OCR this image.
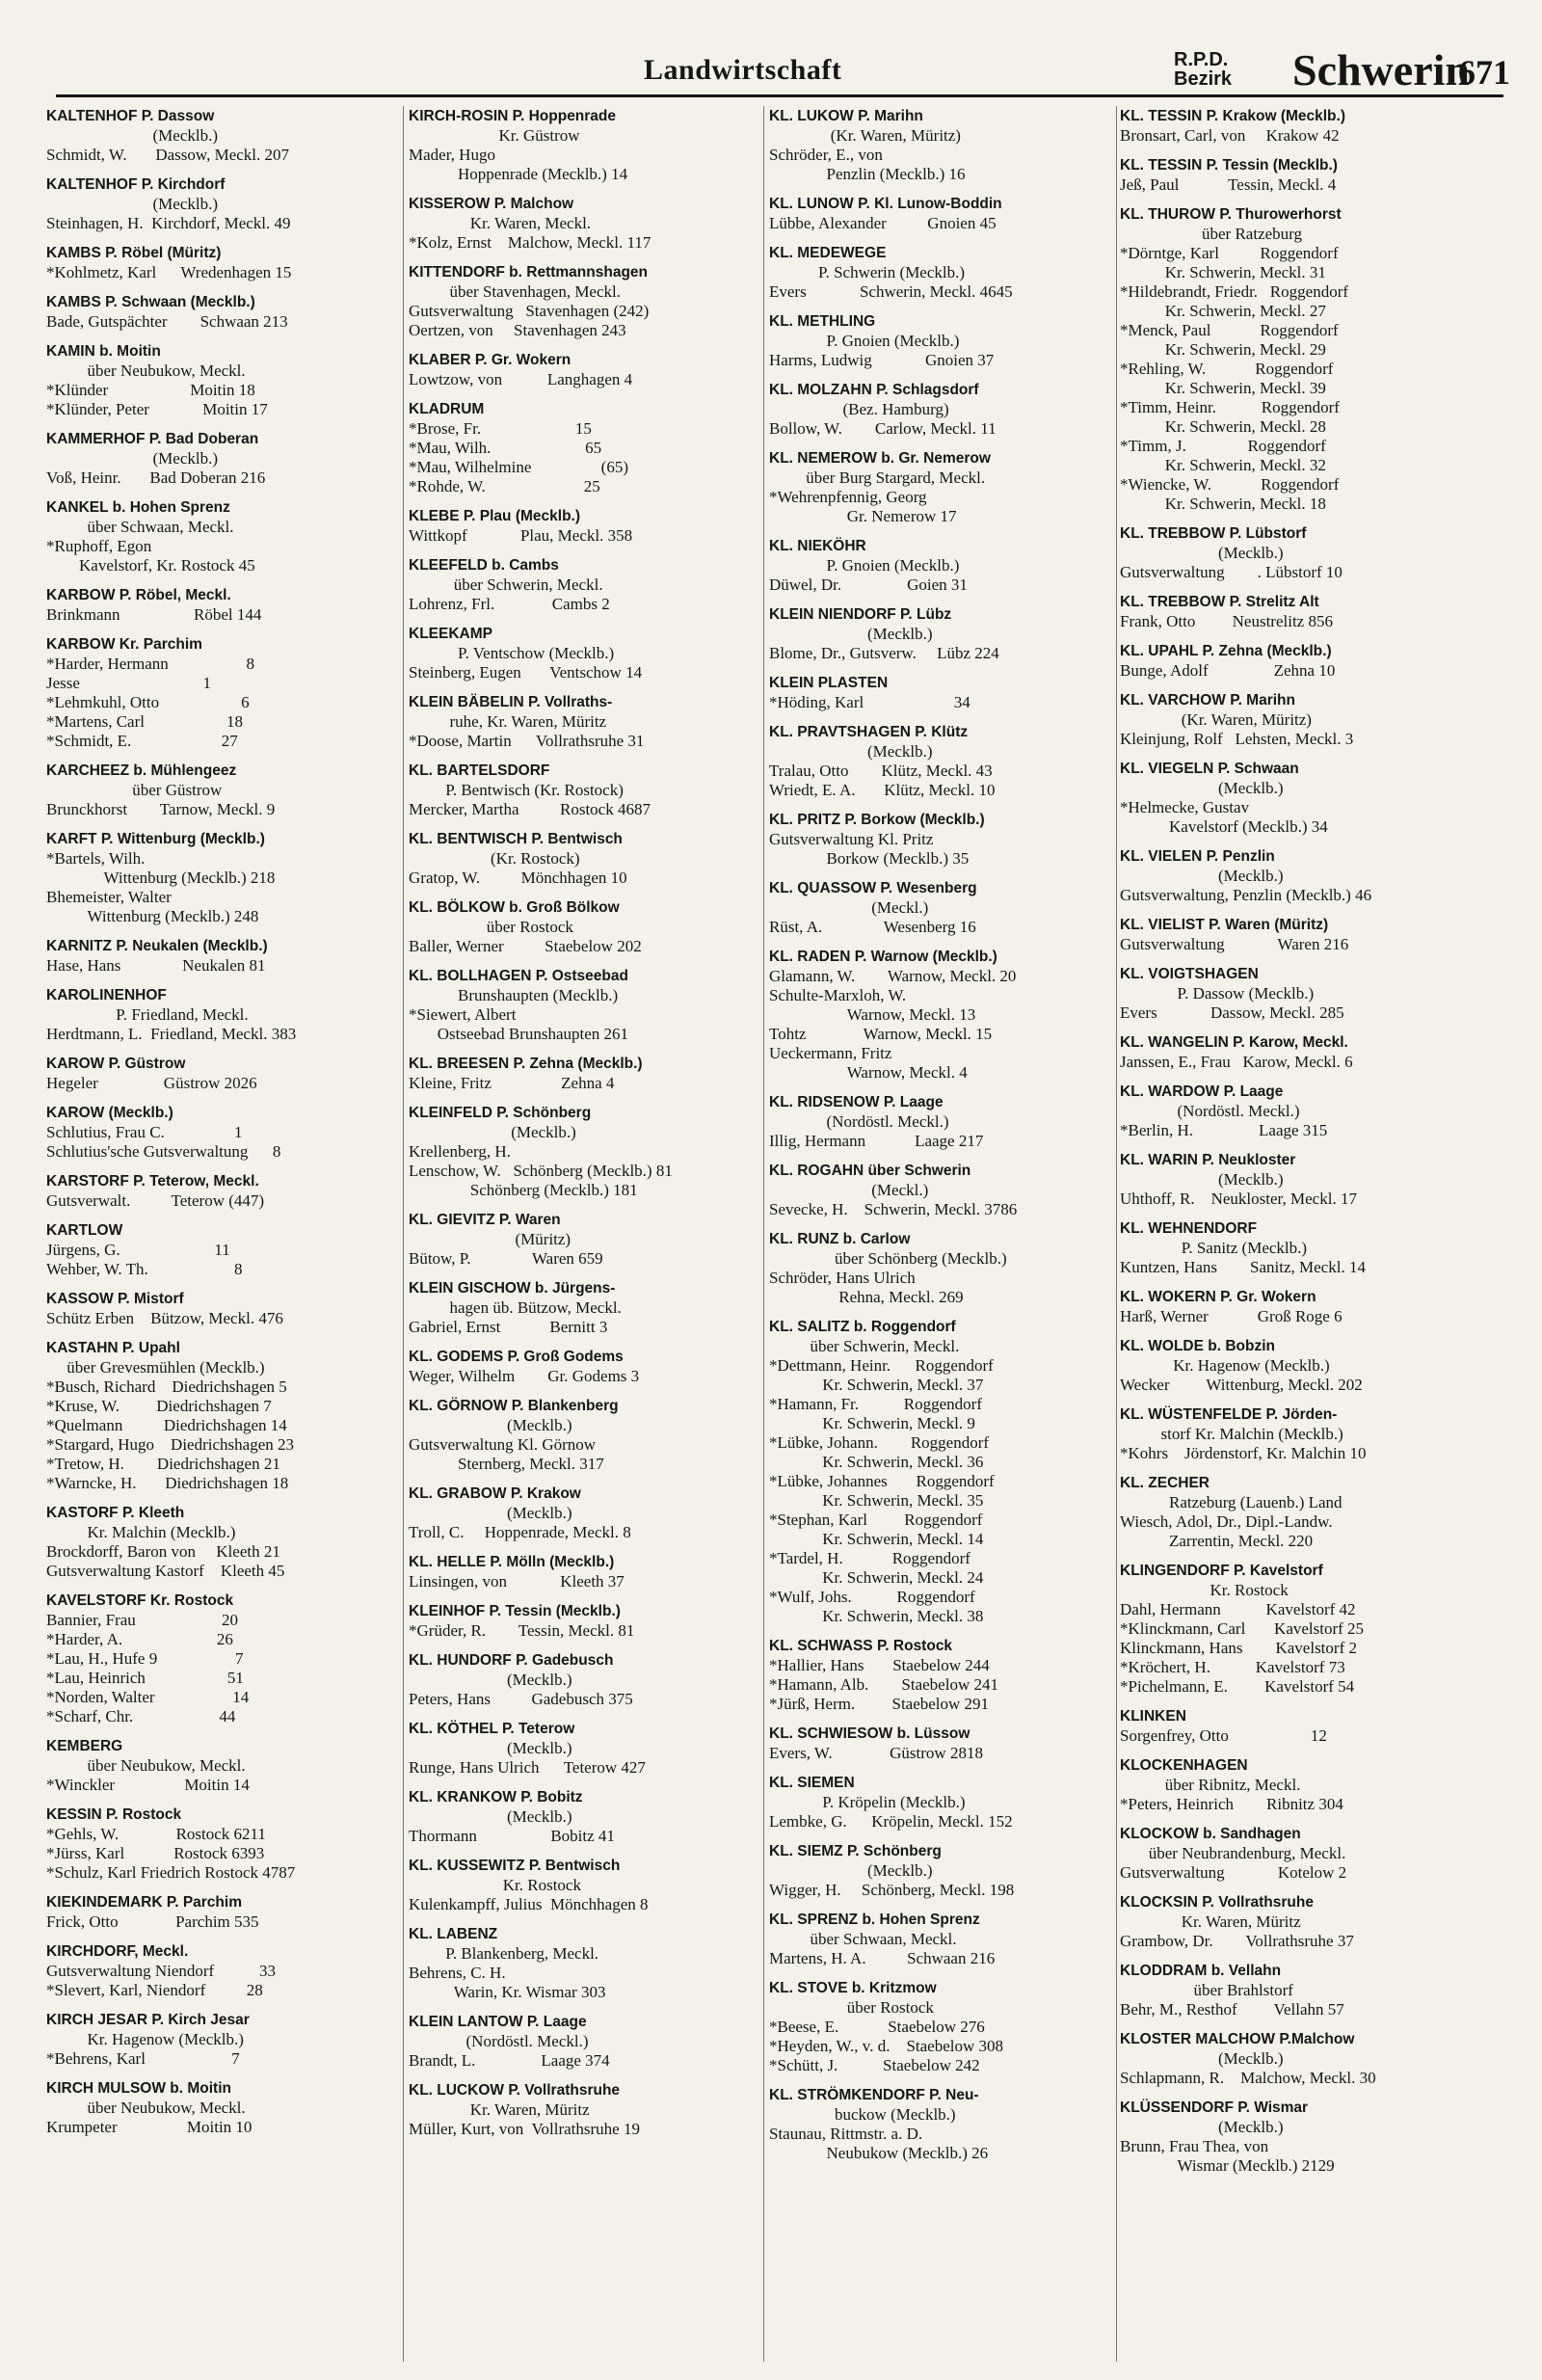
Landwirtschaft	R.P.D.
Bezirk Schwerin
671
KALTENHOF P. Dassow
(Mecklb.)
Schmidt, W.       Dassow, Meckl. 207
KALTENHOF P. Kirchdorf
(Mecklb.)
Steinhagen, H.  Kirchdorf, Meckl. 49
KAMBS P. Röbel (Müritz)
*Kohlmetz, Karl      Wredenhagen 15
KAMBS P. Schwaan (Mecklb.)
Bade, Gutspächter        Schwaan 213
KAMIN b. Moitin
über Neubukow, Meckl.
*Klünder                    Moitin 18
*Klünder, Peter             Moitin 17
KAMMERHOF P. Bad Doberan
(Mecklb.)
Voß, Heinr.       Bad Doberan 216
KANKEL b. Hohen Sprenz
über Schwaan, Meckl.
*Ruphoff, Egon
Kavelstorf, Kr. Rostock 45
KARBOW P. Röbel, Meckl.
Brinkmann                  Röbel 144
KARBOW Kr. Parchim
*Harder, Hermann                   8
Jesse                              1
*Lehmkuhl, Otto                    6
*Martens, Carl                    18
*Schmidt, E.                      27
KARCHEEZ b. Mühlengeez
über Güstrow
Brunckhorst        Tarnow, Meckl. 9
KARFT P. Wittenburg (Mecklb.)
*Bartels, Wilh.
Wittenburg (Mecklb.) 218
Bhemeister, Walter
Wittenburg (Mecklb.) 248
KARNITZ P. Neukalen (Mecklb.)
Hase, Hans               Neukalen 81
KAROLINENHOF
P. Friedland, Meckl.
Herdtmann, L.  Friedland, Meckl. 383
KAROW P. Güstrow
Hegeler                Güstrow 2026
KAROW (Mecklb.)
Schlutius, Frau C.                 1
Schlutius'sche Gutsverwaltung      8
KARSTORF P. Teterow, Meckl.
Gutsverwalt.          Teterow (447)
KARTLOW
Jürgens, G.                       11
Wehber, W. Th.                     8
KASSOW P. Mistorf
Schütz Erben    Bützow, Meckl. 476
KASTAHN P. Upahl
über Grevesmühlen (Mecklb.)
*Busch, Richard    Diedrichshagen 5
*Kruse, W.         Diedrichshagen 7
*Quelmann          Diedrichshagen 14
*Stargard, Hugo    Diedrichshagen 23
*Tretow, H.        Diedrichshagen 21
*Warncke, H.       Diedrichshagen 18
KASTORF P. Kleeth
Kr. Malchin (Mecklb.)
Brockdorff, Baron von     Kleeth 21
Gutsverwaltung Kastorf    Kleeth 45
KAVELSTORF Kr. Rostock
Bannier, Frau                     20
*Harder, A.                       26
*Lau, H., Hufe 9                   7
*Lau, Heinrich                    51
*Norden, Walter                   14
*Scharf, Chr.                     44
KEMBERG
über Neubukow, Meckl.
*Winckler                 Moitin 14
KESSIN P. Rostock
*Gehls, W.              Rostock 6211
*Jürss, Karl            Rostock 6393
*Schulz, Karl Friedrich Rostock 4787
KIEKINDEMARK P. Parchim
Frick, Otto              Parchim 535
KIRCHDORF, Meckl.
Gutsverwaltung Niendorf           33
*Slevert, Karl, Niendorf          28
KIRCH JESAR P. Kirch Jesar
Kr. Hagenow (Mecklb.)
*Behrens, Karl                     7
KIRCH MULSOW b. Moitin
über Neubukow, Meckl.
Krumpeter                 Moitin 10
KIRCH-ROSIN P. Hoppenrade
Kr. Güstrow
Mader, Hugo
Hoppenrade (Mecklb.) 14
KISSEROW P. Malchow
Kr. Waren, Meckl.
*Kolz, Ernst    Malchow, Meckl. 117
KITTENDORF b. Rettmannshagen
über Stavenhagen, Meckl.
Gutsverwaltung   Stavenhagen (242)
Oertzen, von     Stavenhagen 243
KLABER P. Gr. Wokern
Lowtzow, von           Langhagen 4
KLADRUM
*Brose, Fr.                       15
*Mau, Wilh.                       65
*Mau, Wilhelmine                 (65)
*Rohde, W.                        25
KLEBE P. Plau (Mecklb.)
Wittkopf             Plau, Meckl. 358
KLEEFELD b. Cambs
über Schwerin, Meckl.
Lohrenz, Frl.              Cambs 2
KLEEKAMP
P. Ventschow (Mecklb.)
Steinberg, Eugen       Ventschow 14
KLEIN BÄBELIN P. Vollraths-
ruhe, Kr. Waren, Müritz
*Doose, Martin      Vollrathsruhe 31
KL. BARTELSDORF
P. Bentwisch (Kr. Rostock)
Mercker, Martha          Rostock 4687
KL. BENTWISCH P. Bentwisch
(Kr. Rostock)
Gratop, W.          Mönchhagen 10
KL. BÖLKOW b. Groß Bölkow
über Rostock
Baller, Werner          Staebelow 202
KL. BOLLHAGEN P. Ostseebad
Brunshaupten (Mecklb.)
*Siewert, Albert
Ostseebad Brunshaupten 261
KL. BREESEN P. Zehna (Mecklb.)
Kleine, Fritz                 Zehna 4
KLEINFELD P. Schönberg
(Mecklb.)
Krellenberg, H.
Lenschow, W.   Schönberg (Mecklb.) 81
Schönberg (Mecklb.) 181
KL. GIEVITZ P. Waren
(Müritz)
Bütow, P.               Waren 659
KLEIN GISCHOW b. Jürgens-
hagen üb. Bützow, Meckl.
Gabriel, Ernst            Bernitt 3
KL. GODEMS P. Groß Godems
Weger, Wilhelm        Gr. Godems 3
KL. GÖRNOW P. Blankenberg
(Mecklb.)
Gutsverwaltung Kl. Görnow
Sternberg, Meckl. 317
KL. GRABOW P. Krakow
(Mecklb.)
Troll, C.     Hoppenrade, Meckl. 8
KL. HELLE P. Mölln (Mecklb.)
Linsingen, von             Kleeth 37
KLEINHOF P. Tessin (Mecklb.)
*Grüder, R.        Tessin, Meckl. 81
KL. HUNDORF P. Gadebusch
(Mecklb.)
Peters, Hans          Gadebusch 375
KL. KÖTHEL P. Teterow
(Mecklb.)
Runge, Hans Ulrich      Teterow 427
KL. KRANKOW P. Bobitz
(Mecklb.)
Thormann                  Bobitz 41
KL. KUSSEWITZ P. Bentwisch
Kr. Rostock
Kulenkampff, Julius  Mönchhagen 8
KL. LABENZ
P. Blankenberg, Meckl.
Behrens, C. H.
Warin, Kr. Wismar 303
KLEIN LANTOW P. Laage
(Nordöstl. Meckl.)
Brandt, L.                Laage 374
KL. LUCKOW P. Vollrathsruhe
Kr. Waren, Müritz
Müller, Kurt, von  Vollrathsruhe 19
KL. LUKOW P. Marihn
(Kr. Waren, Müritz)
Schröder, E., von
Penzlin (Mecklb.) 16
KL. LUNOW P. Kl. Lunow-Boddin
Lübbe, Alexander          Gnoien 45
KL. MEDEWEGE
P. Schwerin (Mecklb.)
Evers             Schwerin, Meckl. 4645
KL. METHLING
P. Gnoien (Mecklb.)
Harms, Ludwig             Gnoien 37
KL. MOLZAHN P. Schlagsdorf
(Bez. Hamburg)
Bollow, W.        Carlow, Meckl. 11
KL. NEMEROW b. Gr. Nemerow
über Burg Stargard, Meckl.
*Wehrenpfennig, Georg
Gr. Nemerow 17
KL. NIEKÖHR
P. Gnoien (Mecklb.)
Düwel, Dr.                Goien 31
KLEIN NIENDORF P. Lübz
(Mecklb.)
Blome, Dr., Gutsverw.     Lübz 224
KLEIN PLASTEN
*Höding, Karl                      34
KL. PRAVTSHAGEN P. Klütz
(Mecklb.)
Tralau, Otto        Klütz, Meckl. 43
Wriedt, E. A.       Klütz, Meckl. 10
KL. PRITZ P. Borkow (Mecklb.)
Gutsverwaltung Kl. Pritz
Borkow (Mecklb.) 35
KL. QUASSOW P. Wesenberg
(Meckl.)
Rüst, A.               Wesenberg 16
KL. RADEN P. Warnow (Mecklb.)
Glamann, W.        Warnow, Meckl. 20
Schulte-Marxloh, W.
Warnow, Meckl. 13
Tohtz              Warnow, Meckl. 15
Ueckermann, Fritz
Warnow, Meckl. 4
KL. RIDSENOW P. Laage
(Nordöstl. Meckl.)
Illig, Hermann            Laage 217
KL. ROGAHN über Schwerin
(Meckl.)
Sevecke, H.    Schwerin, Meckl. 3786
KL. RUNZ b. Carlow
über Schönberg (Mecklb.)
Schröder, Hans Ulrich
Rehna, Meckl. 269
KL. SALITZ b. Roggendorf
über Schwerin, Meckl.
*Dettmann, Heinr.      Roggendorf
Kr. Schwerin, Meckl. 37
*Hamann, Fr.           Roggendorf
Kr. Schwerin, Meckl. 9
*Lübke, Johann.        Roggendorf
Kr. Schwerin, Meckl. 36
*Lübke, Johannes       Roggendorf
Kr. Schwerin, Meckl. 35
*Stephan, Karl         Roggendorf
Kr. Schwerin, Meckl. 14
*Tardel, H.            Roggendorf
Kr. Schwerin, Meckl. 24
*Wulf, Johs.           Roggendorf
Kr. Schwerin, Meckl. 38
KL. SCHWASS P. Rostock
*Hallier, Hans       Staebelow 244
*Hamann, Alb.        Staebelow 241
*Jürß, Herm.         Staebelow 291
KL. SCHWIESOW b. Lüssow
Evers, W.              Güstrow 2818
KL. SIEMEN
P. Kröpelin (Mecklb.)
Lembke, G.      Kröpelin, Meckl. 152
KL. SIEMZ P. Schönberg
(Mecklb.)
Wigger, H.     Schönberg, Meckl. 198
KL. SPRENZ b. Hohen Sprenz
über Schwaan, Meckl.
Martens, H. A.          Schwaan 216
KL. STOVE b. Kritzmow
über Rostock
*Beese, E.            Staebelow 276
*Heyden, W., v. d.    Staebelow 308
*Schütt, J.           Staebelow 242
KL. STRÖMKENDORF P. Neu-
buckow (Mecklb.)
Staunau, Rittmstr. a. D.
Neubukow (Mecklb.) 26
KL. TESSIN P. Krakow (Mecklb.)
Bronsart, Carl, von     Krakow 42
KL. TESSIN P. Tessin (Mecklb.)
Jeß, Paul            Tessin, Meckl. 4
KL. THUROW P. Thurowerhorst
über Ratzeburg
*Dörntge, Karl          Roggendorf
Kr. Schwerin, Meckl. 31
*Hildebrandt, Friedr.   Roggendorf
Kr. Schwerin, Meckl. 27
*Menck, Paul            Roggendorf
Kr. Schwerin, Meckl. 29
*Rehling, W.            Roggendorf
Kr. Schwerin, Meckl. 39
*Timm, Heinr.           Roggendorf
Kr. Schwerin, Meckl. 28
*Timm, J.               Roggendorf
Kr. Schwerin, Meckl. 32
*Wiencke, W.            Roggendorf
Kr. Schwerin, Meckl. 18
KL. TREBBOW P. Lübstorf
(Mecklb.)
Gutsverwaltung        . Lübstorf 10
KL. TREBBOW P. Strelitz Alt
Frank, Otto         Neustrelitz 856
KL. UPAHL P. Zehna (Mecklb.)
Bunge, Adolf                Zehna 10
KL. VARCHOW P. Marihn
(Kr. Waren, Müritz)
Kleinjung, Rolf   Lehsten, Meckl. 3
KL. VIEGELN P. Schwaan
(Mecklb.)
*Helmecke, Gustav
Kavelstorf (Mecklb.) 34
KL. VIELEN P. Penzlin
(Mecklb.)
Gutsverwaltung, Penzlin (Mecklb.) 46
KL. VIELIST P. Waren (Müritz)
Gutsverwaltung             Waren 216
KL. VOIGTSHAGEN
P. Dassow (Mecklb.)
Evers             Dassow, Meckl. 285
KL. WANGELIN P. Karow, Meckl.
Janssen, E., Frau   Karow, Meckl. 6
KL. WARDOW P. Laage
(Nordöstl. Meckl.)
*Berlin, H.                Laage 315
KL. WARIN P. Neukloster
(Mecklb.)
Uhthoff, R.    Neukloster, Meckl. 17
KL. WEHNENDORF
P. Sanitz (Mecklb.)
Kuntzen, Hans        Sanitz, Meckl. 14
KL. WOKERN P. Gr. Wokern
Harß, Werner            Groß Roge 6
KL. WOLDE b. Bobzin
Kr. Hagenow (Mecklb.)
Wecker         Wittenburg, Meckl. 202
KL. WÜSTENFELDE P. Jörden-
storf Kr. Malchin (Mecklb.)
*Kohrs    Jördenstorf, Kr. Malchin 10
KL. ZECHER
Ratzeburg (Lauenb.) Land
Wiesch, Adol, Dr., Dipl.-Landw.
Zarrentin, Meckl. 220
KLINGENDORF P. Kavelstorf
Kr. Rostock
Dahl, Hermann           Kavelstorf 42
*Klinckmann, Carl       Kavelstorf 25
Klinckmann, Hans        Kavelstorf 2
*Kröchert, H.           Kavelstorf 73
*Pichelmann, E.         Kavelstorf 54
KLINKEN
Sorgenfrey, Otto                    12
KLOCKENHAGEN
über Ribnitz, Meckl.
*Peters, Heinrich        Ribnitz 304
KLOCKOW b. Sandhagen
über Neubrandenburg, Meckl.
Gutsverwaltung             Kotelow 2
KLOCKSIN P. Vollrathsruhe
Kr. Waren, Müritz
Grambow, Dr.        Vollrathsruhe 37
KLODDRAM b. Vellahn
über Brahlstorf
Behr, M., Resthof         Vellahn 57
KLOSTER MALCHOW P.Malchow
(Mecklb.)
Schlapmann, R.    Malchow, Meckl. 30
KLÜSSENDORF P. Wismar
(Mecklb.)
Brunn, Frau Thea, von
Wismar (Mecklb.) 2129
